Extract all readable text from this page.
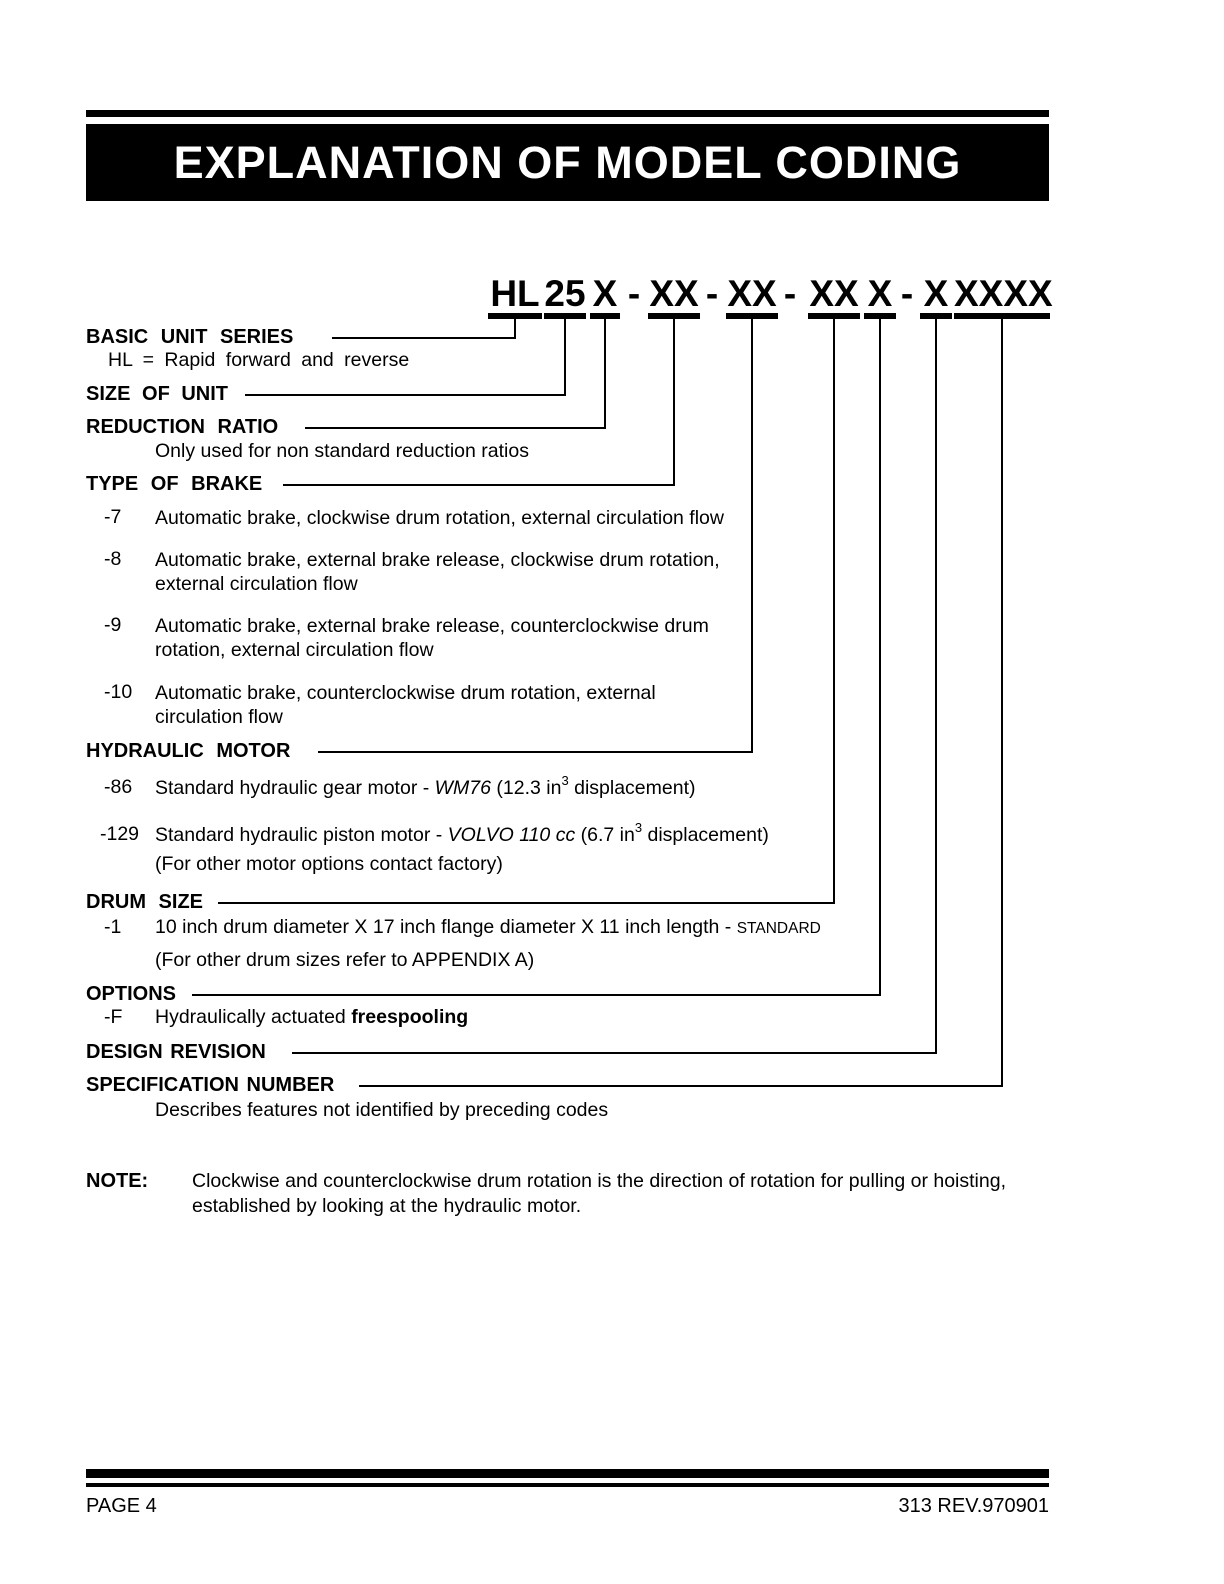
EXPLANATION OF MODEL CODING
HL 25 X - XX - XX - XX X - X XXXX
BASIC UNIT SERIES
HL = Rapid forward and reverse
SIZE OF UNIT
REDUCTION RATIO
Only used for non standard reduction ratios
TYPE OF BRAKE
-7 Automatic brake, clockwise drum rotation, external circulation flow
-8 Automatic brake, external brake release, clockwise drum rotation,
external circulation flow
-9 Automatic brake, external brake release, counterclockwise drum
rotation, external circulation flow
-10 Automatic brake, counterclockwise drum rotation, external
circulation flow
HYDRAULIC MOTOR
-86 Standard hydraulic gear motor - WM76 (12.3 $in^3$ displacement)
-129 Standard hydraulic piston motor - VOLVO 110 cc (6.7 $in^3$ displacement)
(For other motor options contact factory)
DRUM SIZE
-1 10 inch drum diameter X 17 inch flange diameter X 11 inch length - STANDARD
(For other drum sizes refer to APPENDIX A)
OPTIONS
-F Hydraulically actuated freespooling
DESIGN REVISION
SPECIFICATION NUMBER
Describes features not identified by preceding codes
NOTE: Clockwise and counterclockwise drum rotation is the direction of rotation for pulling or hoisting,
established by looking at the hydraulic motor.
PAGE 4	313 REV.970901
